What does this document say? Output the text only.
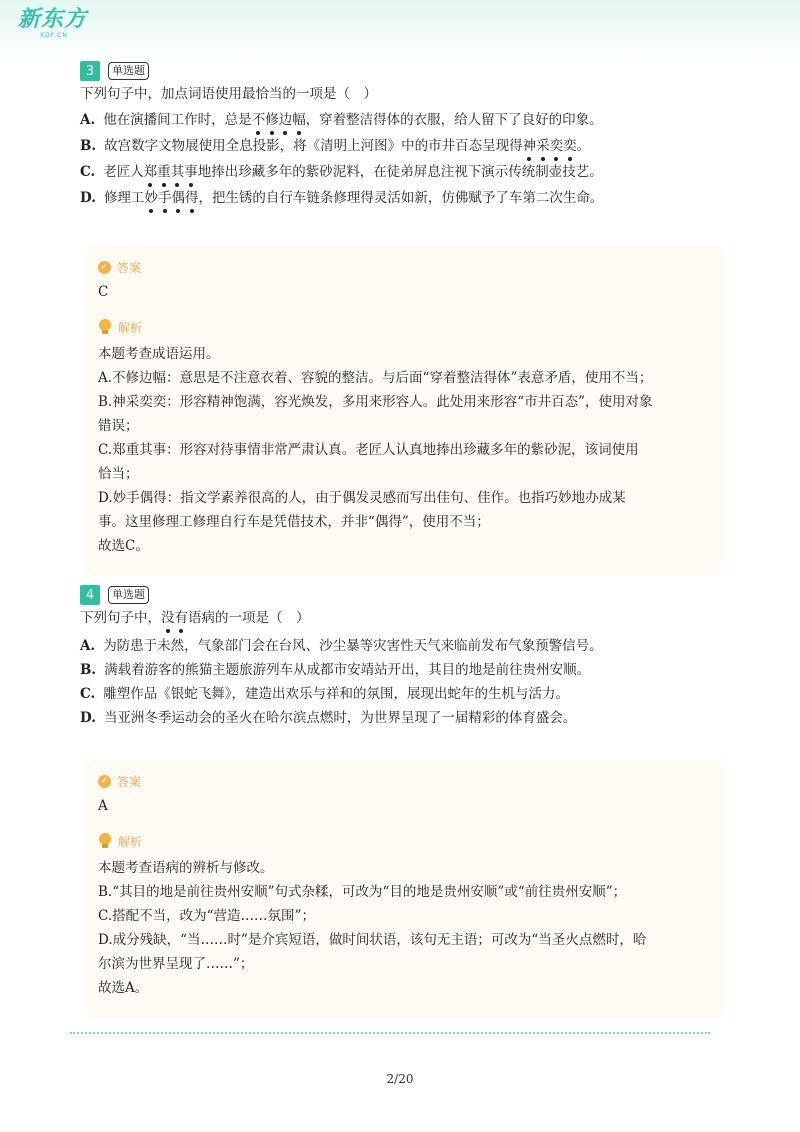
新东方
XDF.CN
3	单选题
下列句子中，加点词语使用最恰当的一项是（　）
A. 他在演播间工作时，总是不修边幅，穿着整洁得体的衣服，给人留下了良好的印象。
B. 故宫数字文物展使用全息投影，将《清明上河图》中的市井百态呈现得神采奕奕。
C. 老匠人郑重其事地捧出珍藏多年的紫砂泥料，在徒弟屏息注视下演示传统制壶技艺。
D. 修理工妙手偶得，把生锈的自行车链条修理得灵活如新，仿佛赋予了车第二次生命。
✓ 答案
C
解析
本题考查成语运用。
A.不修边幅：意思是不注意衣着、容貌的整洁。与后面“穿着整洁得体”表意矛盾，使用不当；
B.神采奕奕：形容精神饱满，容光焕发，多用来形容人。此处用来形容“市井百态”，使用对象
错误；
C.郑重其事：形容对待事情非常严肃认真。老匠人认真地捧出珍藏多年的紫砂泥，该词使用
恰当；
D.妙手偶得：指文学素养很高的人，由于偶发灵感而写出佳句、佳作。也指巧妙地办成某
事。这里修理工修理自行车是凭借技术，并非“偶得”，使用不当；
故选C。
4	单选题
下列句子中，没有语病的一项是（　）
A. 为防患于未然，气象部门会在台风、沙尘暴等灾害性天气来临前发布气象预警信号。
B. 满载着游客的熊猫主题旅游列车从成都市安靖站开出，其目的地是前往贵州安顺。
C. 雕塑作品《银蛇飞舞》，建造出欢乐与祥和的氛围，展现出蛇年的生机与活力。
D. 当亚洲冬季运动会的圣火在哈尔滨点燃时，为世界呈现了一届精彩的体育盛会。
✓ 答案
A
解析
本题考查语病的辨析与修改。
B.“其目的地是前往贵州安顺”句式杂糅，可改为“目的地是贵州安顺”或“前往贵州安顺”；
C.搭配不当，改为“营造……氛围”；
D.成分残缺，“当……时”是介宾短语，做时间状语，该句无主语；可改为“当圣火点燃时，哈
尔滨为世界呈现了……”；
故选A。
2/20
